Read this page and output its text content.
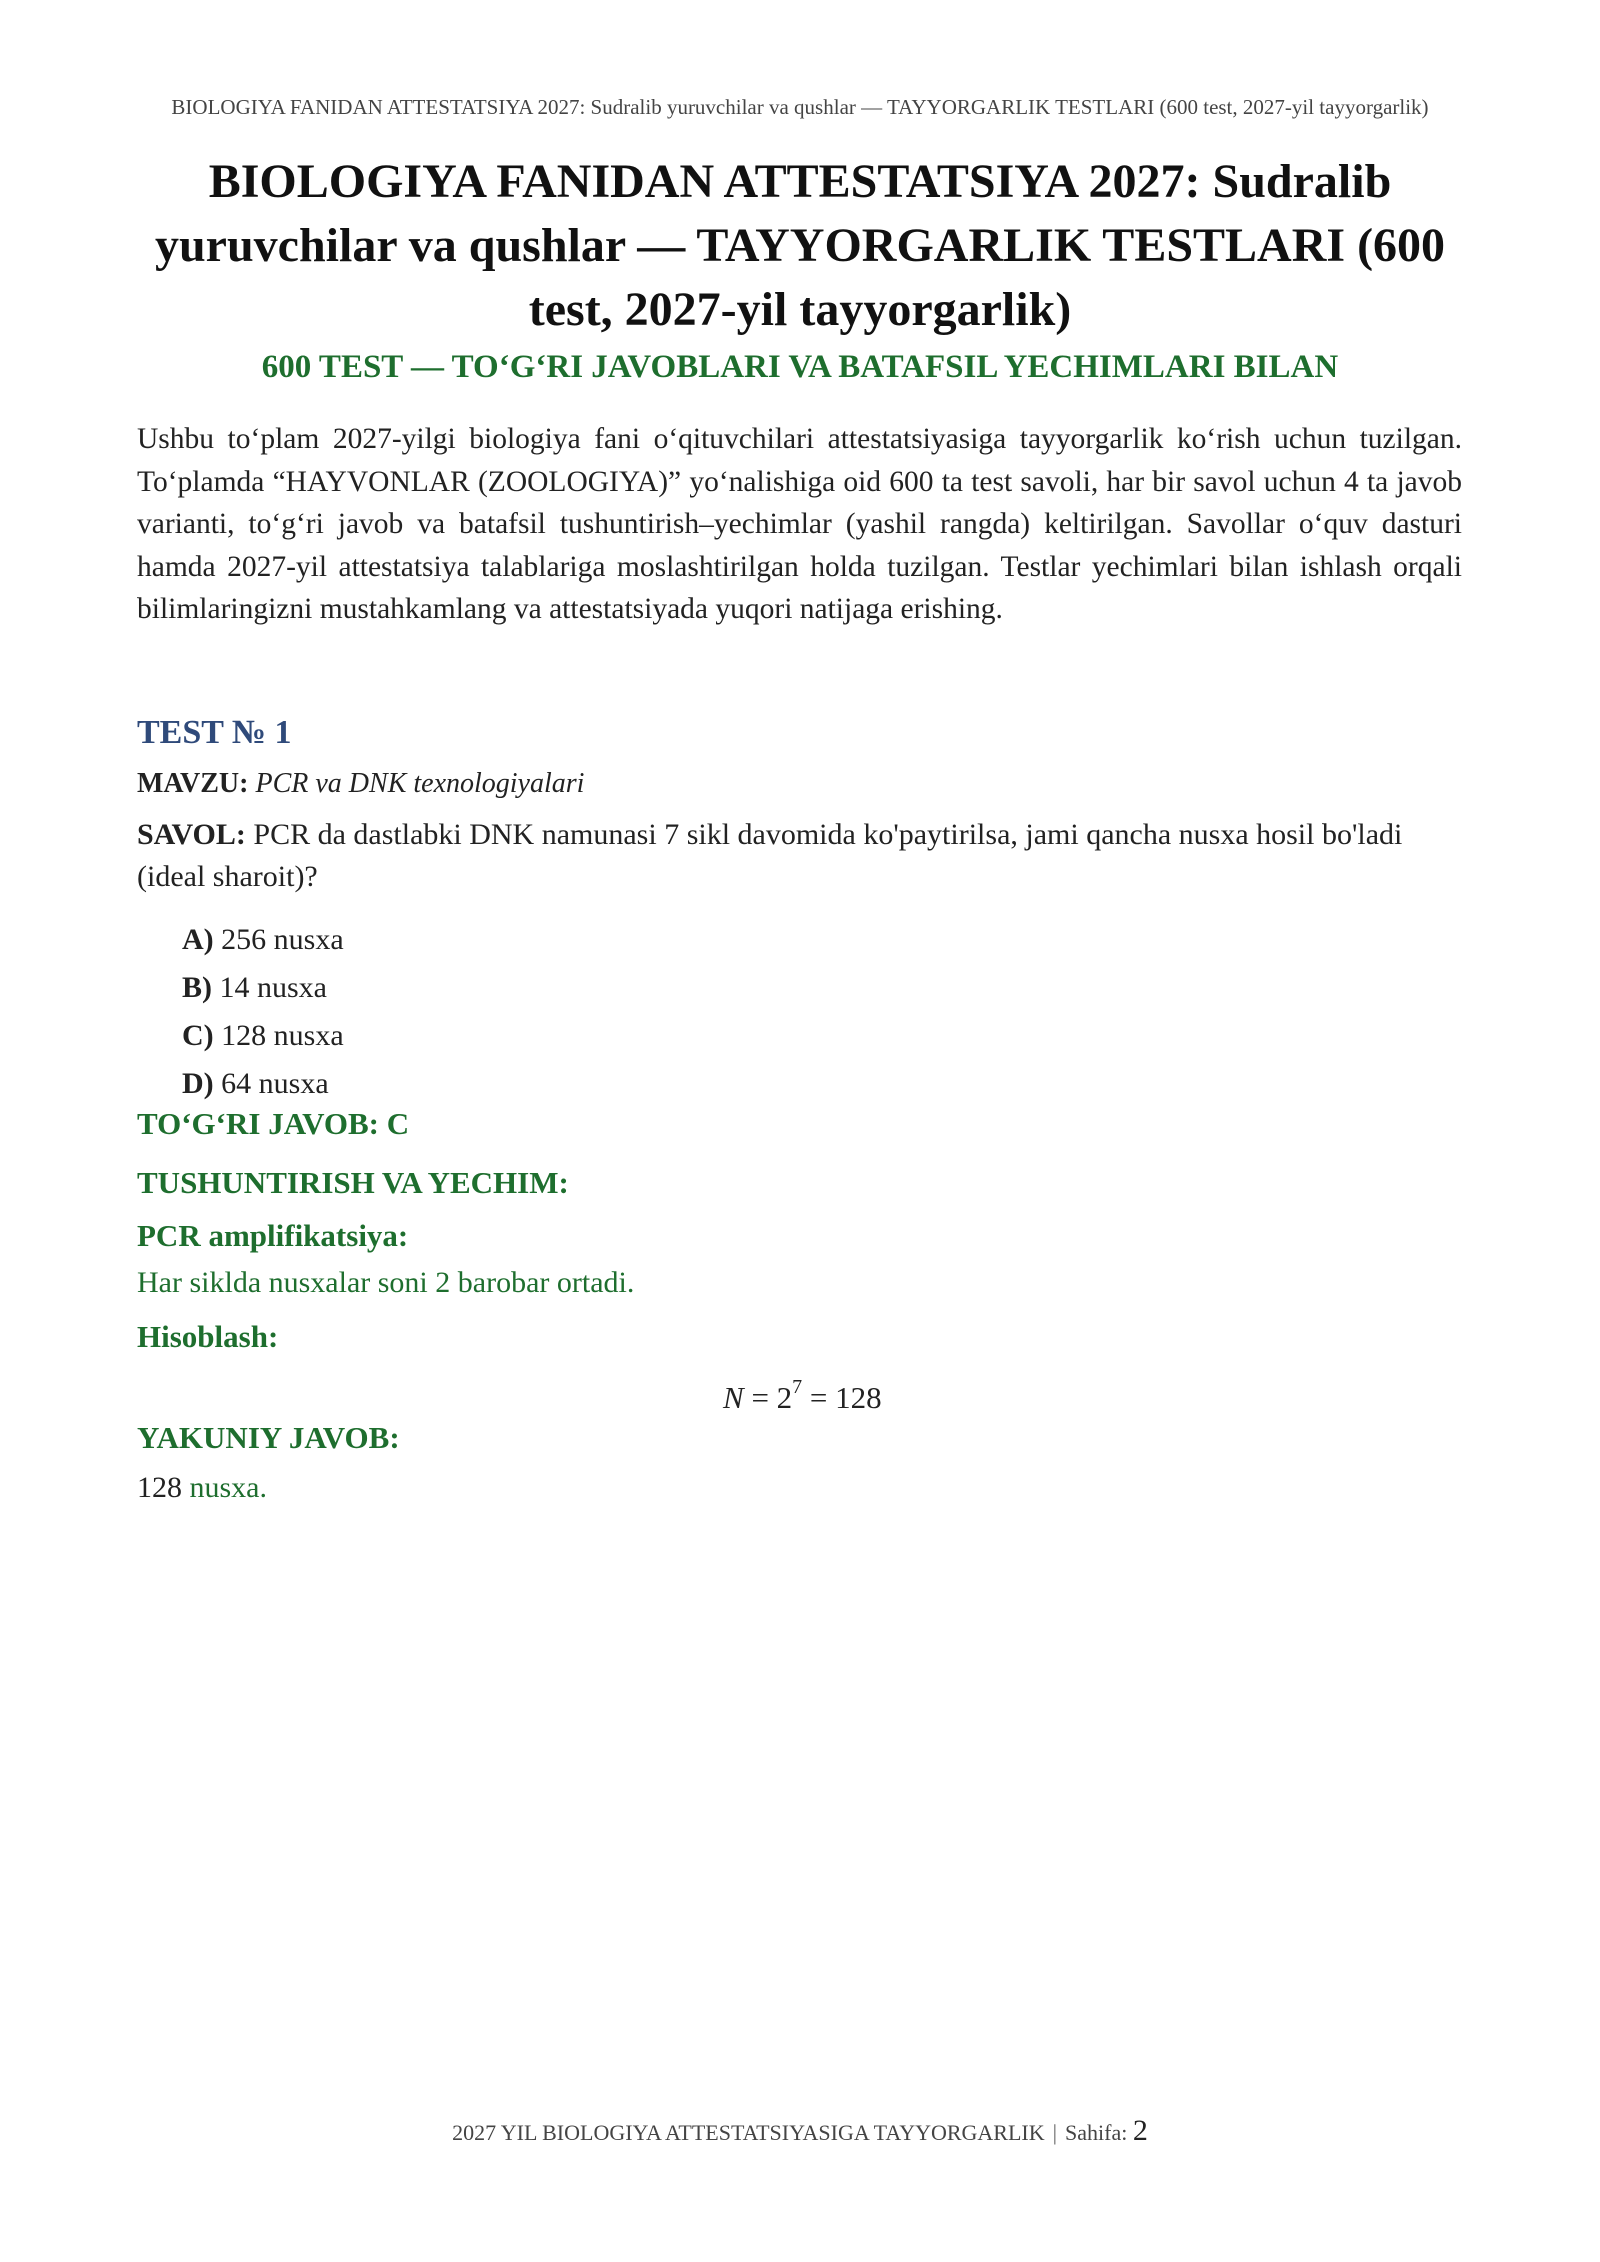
BIOLOGIYA FANIDAN ATTESTATSIYA 2027: Sudralib yuruvchilar va qushlar — TAYYORGARLIK TESTLARI (600 test, 2027-yil tayyorgarlik)
BIOLOGIYA FANIDAN ATTESTATSIYA 2027: Sudralib yuruvchilar va qushlar — TAYYORGARLIK TESTLARI (600 test, 2027-yil tayyorgarlik)
600 TEST — TO‘G‘RI JAVOBLARI VA BATAFSIL YECHIMLARI BILAN
Ushbu to‘plam 2027-yilgi biologiya fani o‘qituvchilari attestatsiyasiga tayyorgarlik ko‘rish uchun tuzilgan. To‘plamda “HAYVONLAR (ZOOLOGIYA)” yo‘nalishiga oid 600 ta test savoli, har bir savol uchun 4 ta javob varianti, to‘g‘ri javob va batafsil tushuntirish–yechimlar (yashil rangda) keltirilgan. Savollar o‘quv dasturi hamda 2027-yil attestatsiya talablariga moslashtirilgan holda tuzilgan. Testlar yechimlari bilan ishlash orqali bilimlaringizni mustahkamlang va attestatsiyada yuqori natijaga erishing.
TEST № 1
MAVZU: PCR va DNK texnologiyalari
SAVOL: PCR da dastlabki DNK namunasi 7 sikl davomida ko'paytirilsa, jami qancha nusxa hosil bo'ladi (ideal sharoit)?
A) 256 nusxa
B) 14 nusxa
C) 128 nusxa
D) 64 nusxa
TO‘G‘RI JAVOB: C
TUSHUNTIRISH VA YECHIM:
PCR amplifikatsiya:
Har siklda nusxalar soni 2 barobar ortadi.
Hisoblash:
$N = 2^7 = 128$
YAKUNIY JAVOB:
128 nusxa.
2027 YIL BIOLOGIYA ATTESTATSIYASIGA TAYYORGARLIK | Sahifa: 2
